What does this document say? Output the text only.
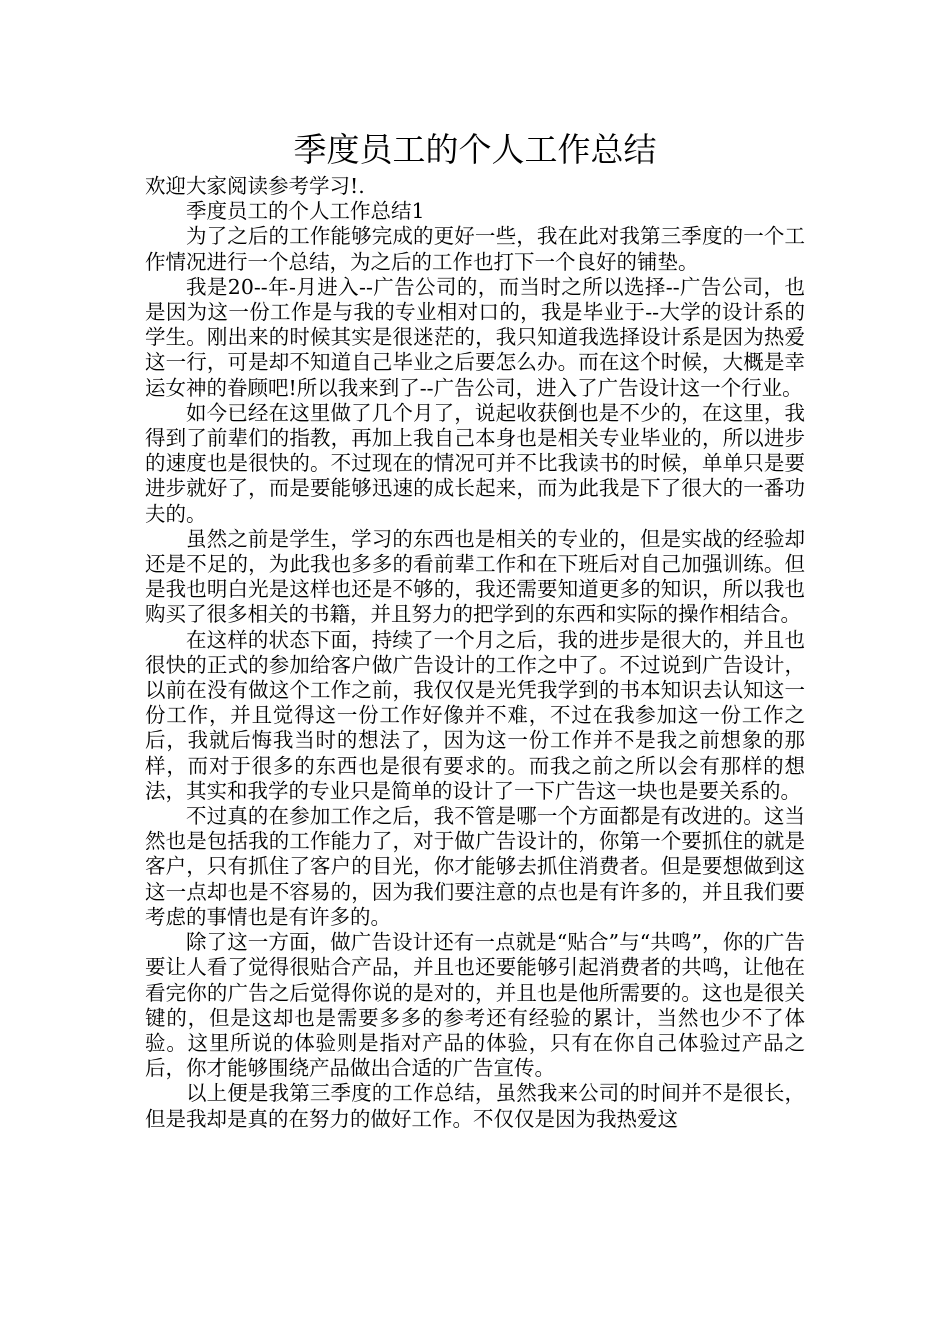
季度员工的个人工作总结

欢迎大家阅读参考学习!.

季度员工的个人工作总结1

为了之后的工作能够完成的更好一些，我在此对我第三季度的一个工作情况进行一个总结，为之后的工作也打下一个良好的铺垫。

我是20--年-月进入--广告公司的，而当时之所以选择--广告公司，也是因为这一份工作是与我的专业相对口的，我是毕业于--大学的设计系的学生。刚出来的时候其实是很迷茫的，我只知道我选择设计系是因为热爱这一行，可是却不知道自己毕业之后要怎么办。而在这个时候，大概是幸运女神的眷顾吧!所以我来到了--广告公司，进入了广告设计这一个行业。

如今已经在这里做了几个月了，说起收获倒也是不少的，在这里，我得到了前辈们的指教，再加上我自己本身也是相关专业毕业的，所以进步的速度也是很快的。不过现在的情况可并不比我读书的时候，单单只是要进步就好了，而是要能够迅速的成长起来，而为此我是下了很大的一番功夫的。

虽然之前是学生，学习的东西也是相关的专业的，但是实战的经验却还是不足的，为此我也多多的看前辈工作和在下班后对自己加强训练。但是我也明白光是这样也还是不够的，我还需要知道更多的知识，所以我也购买了很多相关的书籍，并且努力的把学到的东西和实际的操作相结合。

在这样的状态下面，持续了一个月之后，我的进步是很大的，并且也很快的正式的参加给客户做广告设计的工作之中了。不过说到广告设计，以前在没有做这个工作之前，我仅仅是光凭我学到的书本知识去认知这一份工作，并且觉得这一份工作好像并不难，不过在我参加这一份工作之后，我就后悔我当时的想法了，因为这一份工作并不是我之前想象的那样，而对于很多的东西也是很有要求的。而我之前之所以会有那样的想法，其实和我学的专业只是简单的设计了一下广告这一块也是要关系的。

不过真的在参加工作之后，我不管是哪一个方面都是有改进的。这当然也是包括我的工作能力了，对于做广告设计的，你第一个要抓住的就是客户，只有抓住了客户的目光，你才能够去抓住消费者。但是要想做到这这一点却也是不容易的，因为我们要注意的点也是有许多的，并且我们要考虑的事情也是有许多的。

除了这一方面，做广告设计还有一点就是“贴合”与“共鸣”，你的广告要让人看了觉得很贴合产品，并且也还要能够引起消费者的共鸣，让他在看完你的广告之后觉得你说的是对的，并且也是他所需要的。这也是很关键的，但是这却也是需要多多的参考还有经验的累计，当然也少不了体验。这里所说的体验则是指对产品的体验，只有在你自己体验过产品之后，你才能够围绕产品做出合适的广告宣传。

以上便是我第三季度的工作总结，虽然我来公司的时间并不是很长，但是我却是真的在努力的做好工作。不仅仅是因为我热爱这
